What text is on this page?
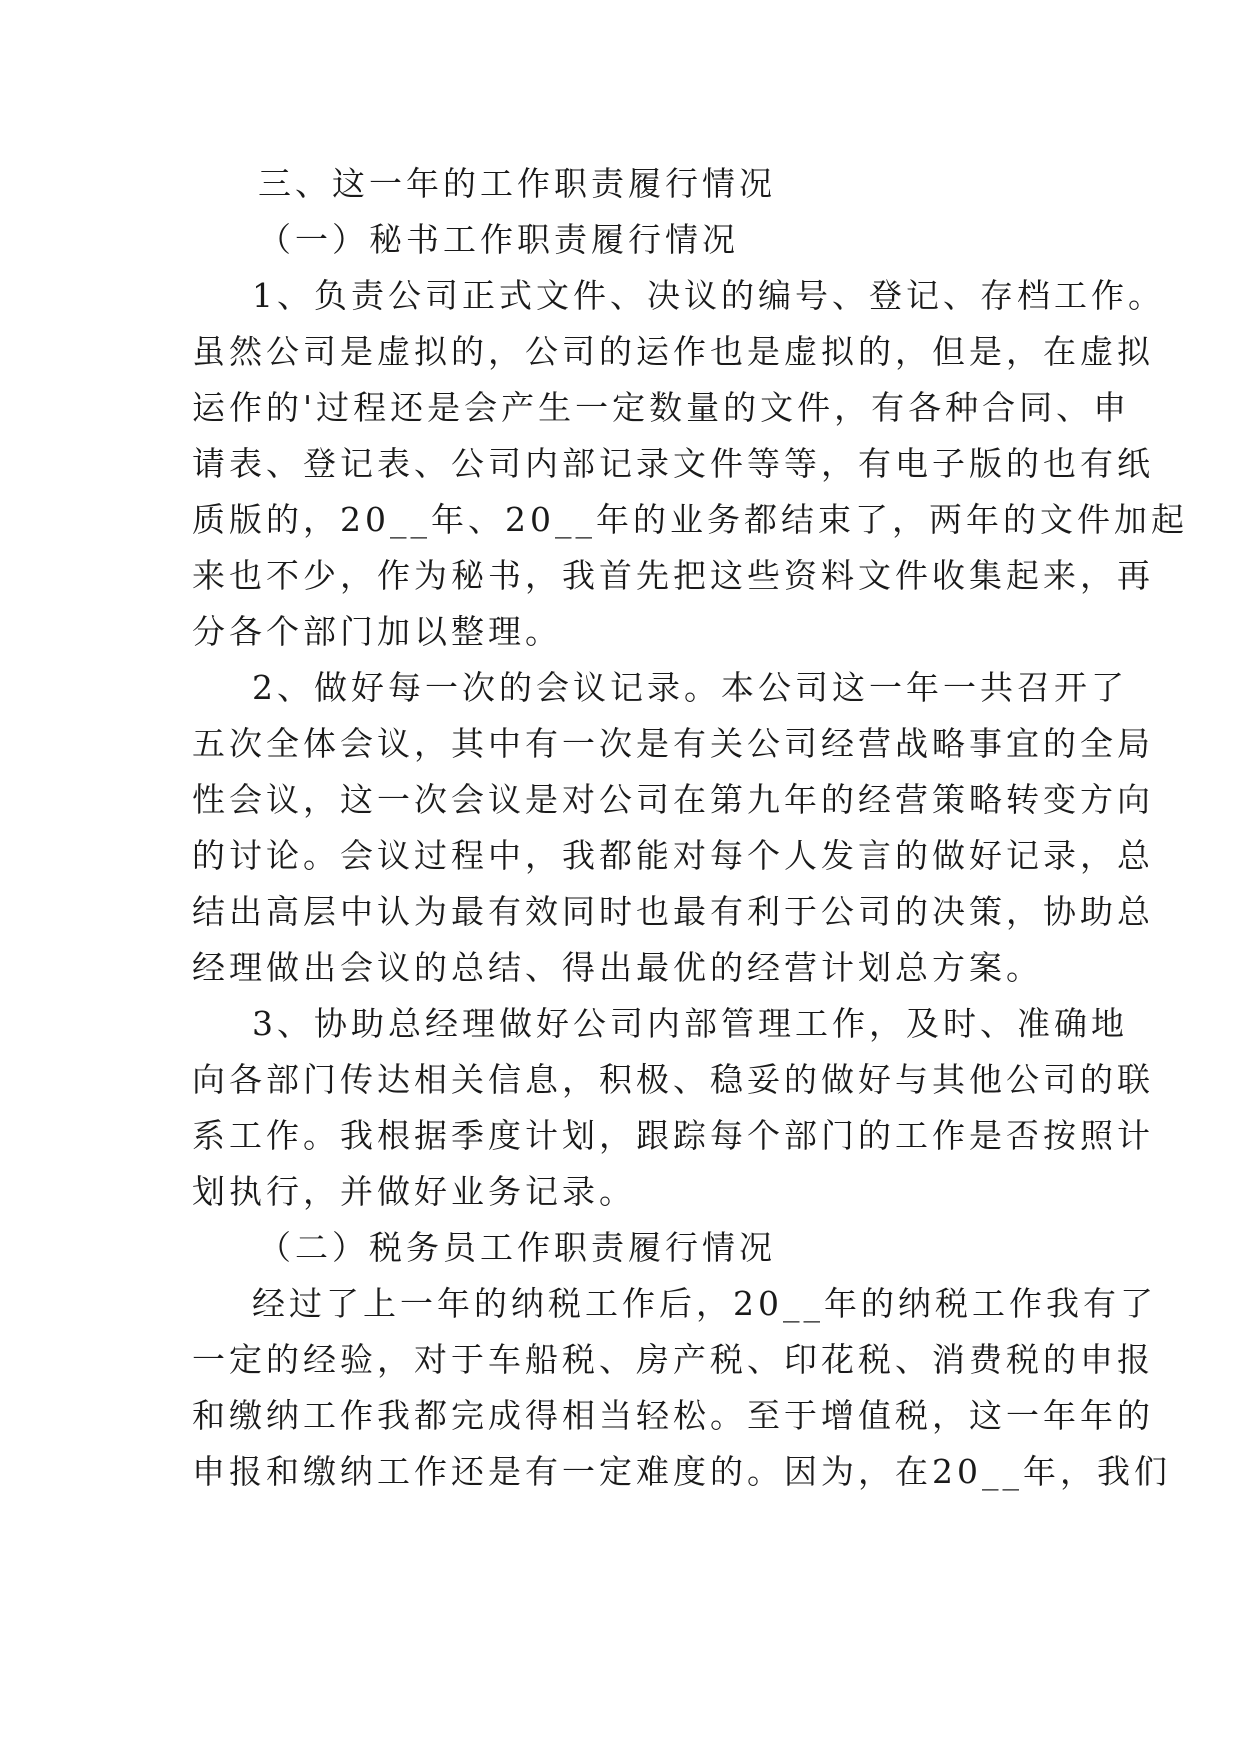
三、这一年的工作职责履行情况
（一）秘书工作职责履行情况
1、负责公司正式文件、决议的编号、登记、存档工作。
虽然公司是虚拟的，公司的运作也是虚拟的，但是，在虚拟
运作的'过程还是会产生一定数量的文件，有各种合同、申
请表、登记表、公司内部记录文件等等，有电子版的也有纸
质版的，20__年、20__年的业务都结束了，两年的文件加起
来也不少，作为秘书，我首先把这些资料文件收集起来，再
分各个部门加以整理。
2、做好每一次的会议记录。本公司这一年一共召开了
五次全体会议，其中有一次是有关公司经营战略事宜的全局
性会议，这一次会议是对公司在第九年的经营策略转变方向
的讨论。会议过程中，我都能对每个人发言的做好记录，总
结出高层中认为最有效同时也最有利于公司的决策，协助总
经理做出会议的总结、得出最优的经营计划总方案。
3、协助总经理做好公司内部管理工作，及时、准确地
向各部门传达相关信息，积极、稳妥的做好与其他公司的联
系工作。我根据季度计划，跟踪每个部门的工作是否按照计
划执行，并做好业务记录。
（二）税务员工作职责履行情况
经过了上一年的纳税工作后，20__年的纳税工作我有了
一定的经验，对于车船税、房产税、印花税、消费税的申报
和缴纳工作我都完成得相当轻松。至于增值税，这一年年的
申报和缴纳工作还是有一定难度的。因为，在20__年，我们
